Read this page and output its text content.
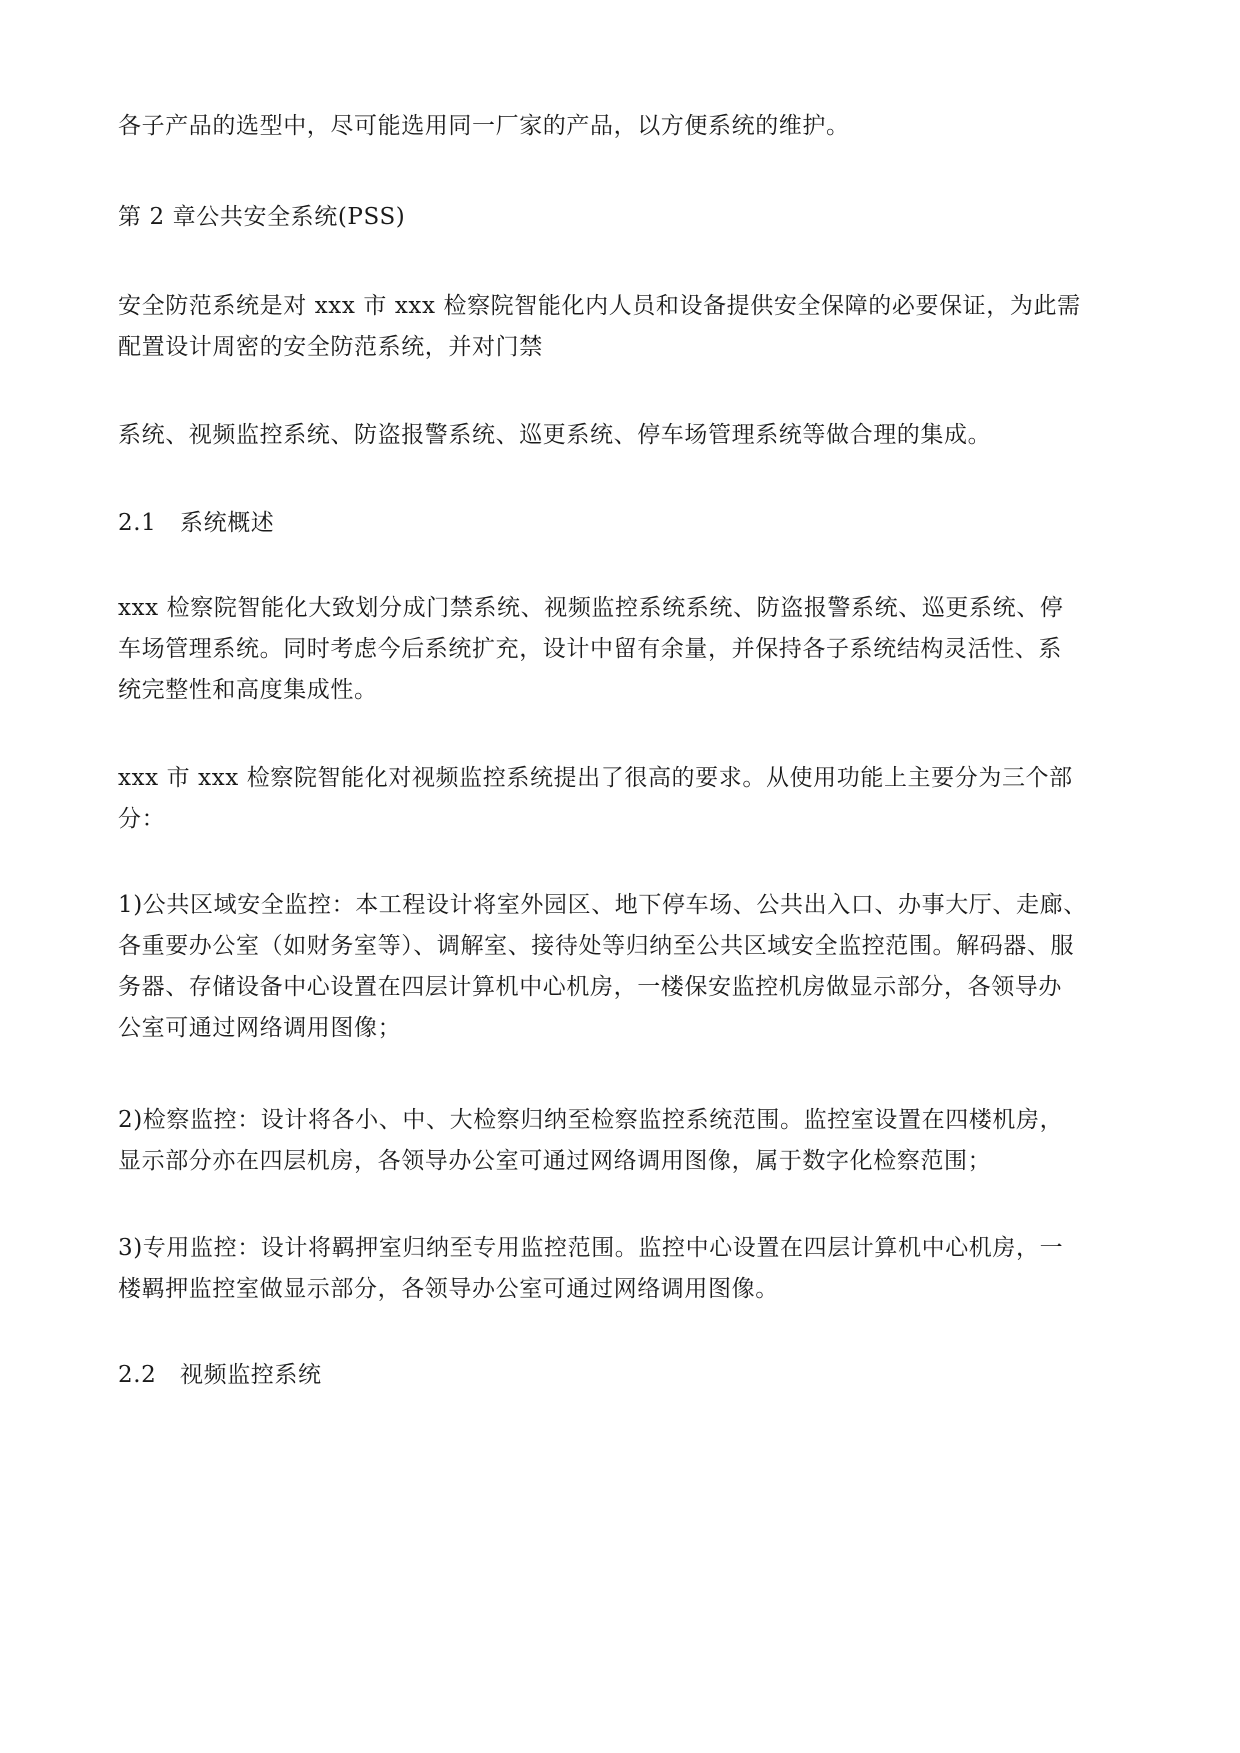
各子产品的选型中，尽可能选用同一厂家的产品，以方便系统的维护。
第 2 章公共安全系统(PSS)
安全防范系统是对 xxx 市 xxx 检察院智能化内人员和设备提供安全保障的必要保证，为此需
配置设计周密的安全防范系统，并对门禁
系统、视频监控系统、防盗报警系统、巡更系统、停车场管理系统等做合理的集成。
2.1 系统概述
xxx 检察院智能化大致划分成门禁系统、视频监控系统系统、防盗报警系统、巡更系统、停
车场管理系统。同时考虑今后系统扩充，设计中留有余量，并保持各子系统结构灵活性、系
统完整性和高度集成性。
xxx 市 xxx 检察院智能化对视频监控系统提出了很高的要求。从使用功能上主要分为三个部
分：
1)公共区域安全监控：本工程设计将室外园区、地下停车场、公共出入口、办事大厅、走廊、
各重要办公室（如财务室等）、调解室、接待处等归纳至公共区域安全监控范围。解码器、服
务器、存储设备中心设置在四层计算机中心机房，一楼保安监控机房做显示部分，各领导办
公室可通过网络调用图像；
2)检察监控：设计将各小、中、大检察归纳至检察监控系统范围。监控室设置在四楼机房，
显示部分亦在四层机房，各领导办公室可通过网络调用图像，属于数字化检察范围；
3)专用监控：设计将羁押室归纳至专用监控范围。监控中心设置在四层计算机中心机房，一
楼羁押监控室做显示部分，各领导办公室可通过网络调用图像。
2.2 视频监控系统
